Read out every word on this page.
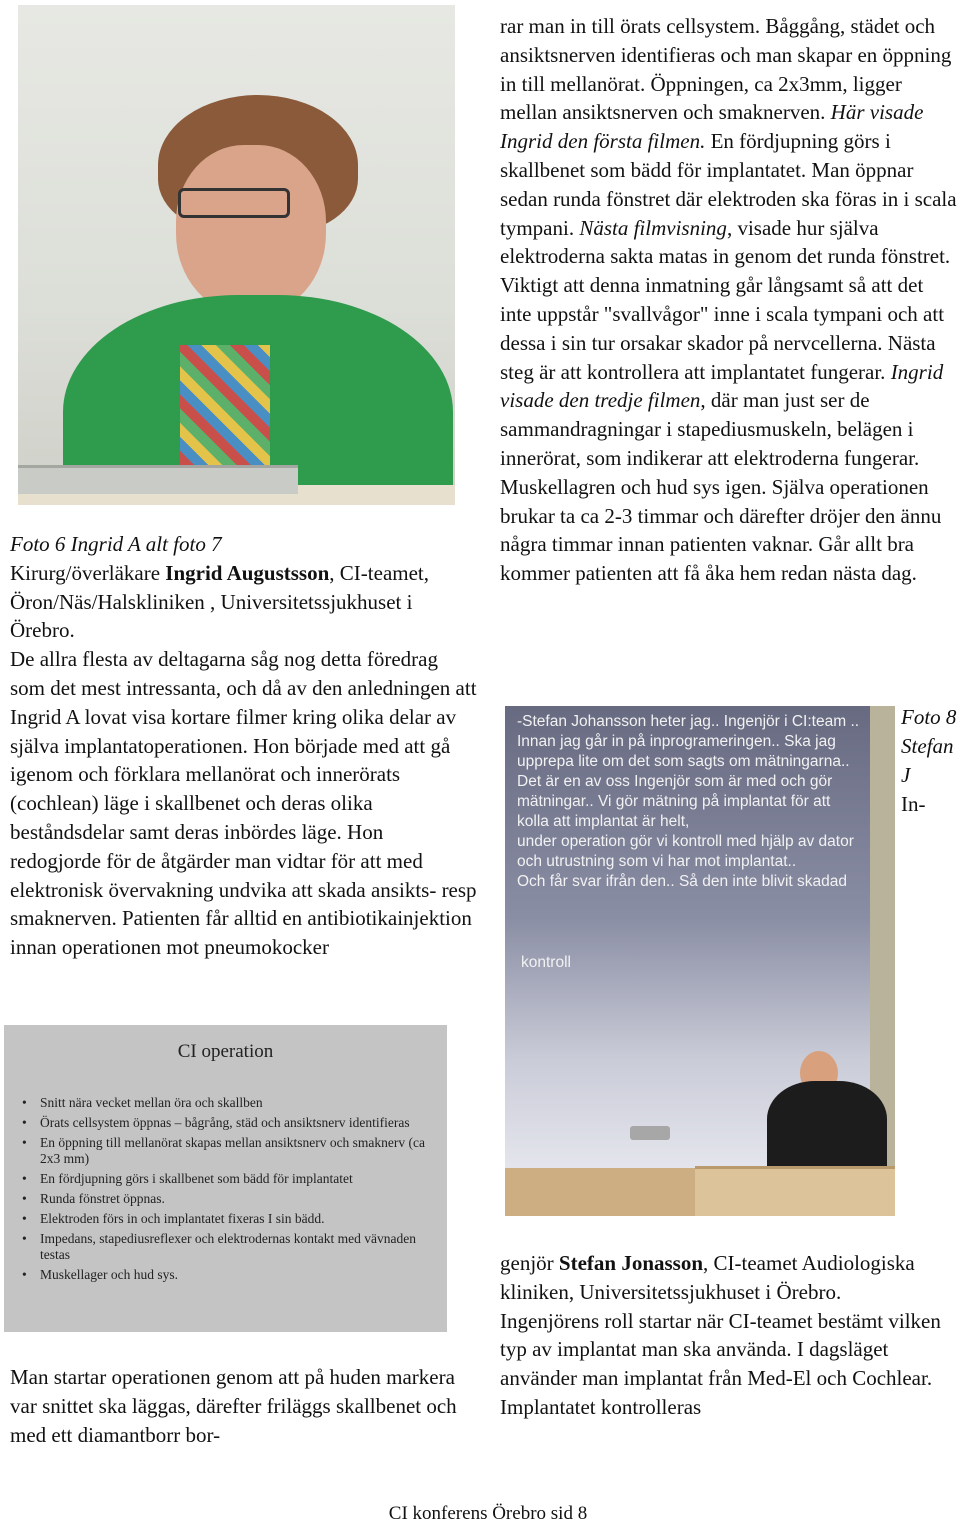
Foto 6 Ingrid A alt foto 7
Kirurg/överläkare Ingrid Augustsson, CI-teamet, Öron/Näs/Halskliniken , Universitetssjukhuset i Örebro.

De allra flesta av deltagarna såg nog detta föredrag som det mest intressanta, och då av den anledningen att Ingrid A lovat visa kortare filmer kring olika delar av själva implantatoperationen. Hon började med att gå igenom och förklara mellanörat och innerörats (cochlean) läge i skallbenet och deras olika beståndsdelar samt deras inbördes läge. Hon redogjorde för de åtgärder man vidtar för att med elektronisk övervakning undvika att skada ansikts- resp smaknerven. Patienten får alltid en antibiotikainjektion innan operationen mot pneumokocker

CI operation
• Snitt nära vecket mellan öra och skallben
• Örats cellsystem öppnas – bågгång, städ och ansiktsnerv identifieras
• En öppning till mellanörat skapas mellan ansiktsnerv och smaknerv (ca 2x3 mm)
• En fördjupning görs i skallbenet som bädd för implantatet
• Runda fönstret öppnas.
• Elektroden förs in och implantatet fixeras I sin bädd.
• Impedans, stapediusreflexer och elektrodernas kontakt med vävnaden testas
• Muskellager och hud sys.
Man startar operationen genom att på huden markera var snittet ska läggas, därefter friläggs skallbenet och med ett diamantborr bor-

rar man in till örats cellsystem. Båggång, städet och ansiktsnerven identifieras och man skapar en öppning in till mellanörat. Öppningen, ca 2x3mm, ligger mellan ansiktsnerven och smaknerven. Här visade Ingrid den första filmen. En fördjupning görs i skallbenet som bädd för implantatet. Man öppnar sedan runda fönstret där elektroden ska föras in i scala tympani. Nästa filmvisning, visade hur själva elektroderna sakta matas in genom det runda fönstret. Viktigt att denna inmatning går långsamt så att det inte uppstår "svallvågor" inne i scala tympani och att dessa i sin tur orsakar skador på nervcellerna. Nästa steg är att kontrollera att implantatet fungerar. Ingrid visade den tredje filmen, där man just ser de sammandragningar i stapediusmuskeln, belägen i innerörat, som indikerar att elektroderna fungerar. Muskellagren och hud sys igen. Själva operationen brukar ta ca 2-3 timmar och därefter dröjer den ännu några timmar innan patienten vaknar. Går allt bra kommer patienten att få åka hem redan nästa dag.

-Stefan Johansson heter jag.. Ingenjör i CI:team .. Innan jag går in på inprogrameringen.. Ska jag upprepa lite om det som sagts om mätningarna.. Det är en av oss Ingenjör som är med och gör mätningar.. Vi gör mätning på implantat för att kolla att implantat är helt,
under operation gör vi kontroll med hjälp av dator och utrustning som vi har mot implantat..
Och får svar ifrån den.. Så den inte blivit skadad
kontroll
Foto 8 Stefan J
In-

genjör Stefan Jonasson, CI-teamet Audiologiska kliniken, Universitetssjukhuset i Örebro.

Ingenjörens roll startar när CI-teamet bestämt vilken typ av implantat man ska använda. I dagsläget använder man implantat från Med-El och Cochlear. Implantatet kontrolleras

CI konferens Örebro sid 8
